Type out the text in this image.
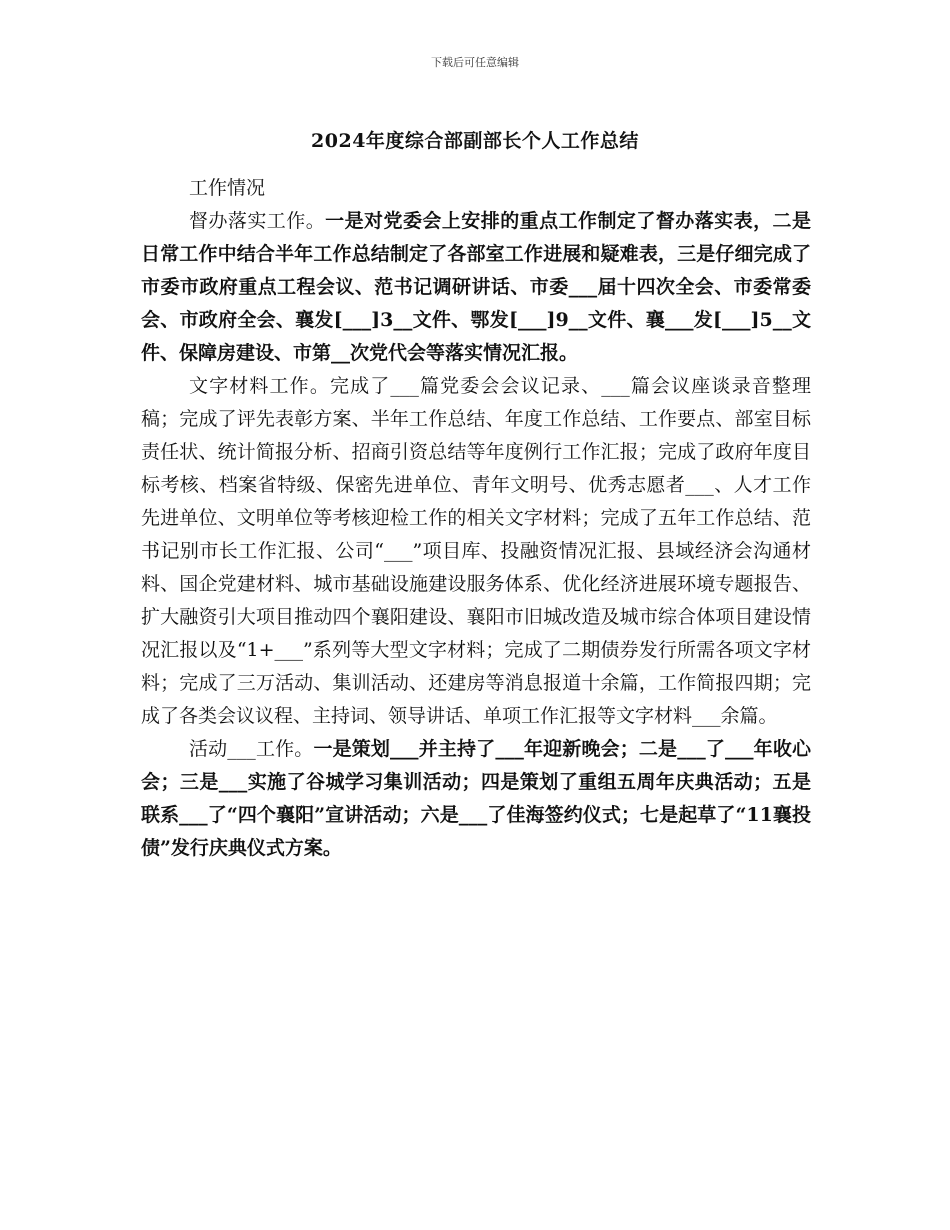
下载后可任意编辑
2024年度综合部副部长个人工作总结

工作情况

督办落实工作。一是对党委会上安排的重点工作制定了督办落实表，二是日常工作中结合半年工作总结制定了各部室工作进展和疑难表，三是仔细完成了市委市政府重点工程会议、范书记调研讲话、市委___届十四次全会、市委常委会、市政府全会、襄发[___]3__文件、鄂发[___]9__文件、襄___发[___]5__文件、保障房建设、市第__次党代会等落实情况汇报。

文字材料工作。完成了___篇党委会会议记录、___篇会议座谈录音整理稿；完成了评先表彰方案、半年工作总结、年度工作总结、工作要点、部室目标责任状、统计简报分析、招商引资总结等年度例行工作汇报；完成了政府年度目标考核、档案省特级、保密先进单位、青年文明号、优秀志愿者___、人才工作先进单位、文明单位等考核迎检工作的相关文字材料；完成了五年工作总结、范书记别市长工作汇报、公司“___”项目库、投融资情况汇报、县域经济会沟通材料、国企党建材料、城市基础设施建设服务体系、优化经济进展环境专题报告、扩大融资引大项目推动四个襄阳建设、襄阳市旧城改造及城市综合体项目建设情况汇报以及“1+___”系列等大型文字材料；完成了二期债券发行所需各项文字材料；完成了三万活动、集训活动、还建房等消息报道十余篇，工作简报四期；完成了各类会议议程、主持词、领导讲话、单项工作汇报等文字材料___余篇。

活动___工作。一是策划___并主持了___年迎新晚会；二是___了___年收心会；三是___实施了谷城学习集训活动；四是策划了重组五周年庆典活动；五是联系___了“四个襄阳”宣讲活动；六是___了佳海签约仪式；七是起草了“11襄投债”发行庆典仪式方案。
